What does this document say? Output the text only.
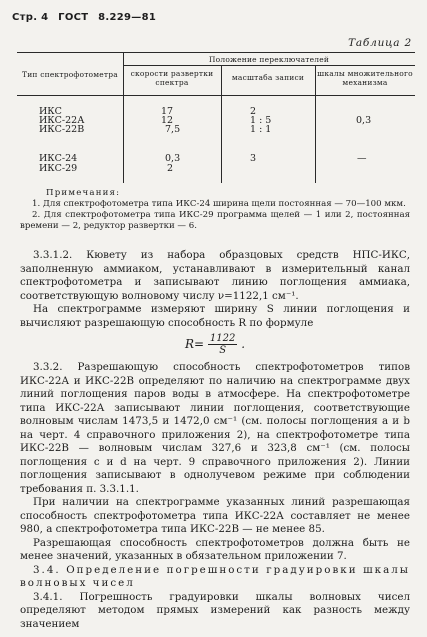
Стр. 4 ГОСТ 8.229—81
Таблица 2
Тип спектрофотометра
Положение переключателей
скорости развертки спектра
масштаба записи	шкалы множительного механизма
ИКС
ИКС-22А
ИКС-22В
17
12
7,5
2
1 : 5
1 : 1
0,3
ИКС-24
ИКС-29
0,3
2
3	—
Примечания:

1. Для спектрофотометра типа ИКС-24 ширина щели постоянная — 70—100 мкм.

2. Для спектрофотометра типа ИКС-29 программа щелей — 1 или 2, постоянная времени — 2, редуктор развертки — 6.

3.3.1.2. Кювету из набора образцовых средств НПС-ИКС, заполненную аммиаком, устанавливают в измерительный канал спектрофотометра и записывают линию поглощения аммиака, соответствующую волновому числу ν=1122,1 см⁻¹.

На спектрограмме измеряют ширину S линии поглощения и вычисляют разрешающую способность R по формуле

$R= \frac{1122}{S}$ .

3.3.2. Разрешающую способность спектрофотометров типов ИКС-22А и ИКС-22В определяют по наличию на спектрограмме двух линий поглощения паров воды в атмосфере. На спектрофотометре типа ИКС-22А записывают линии поглощения, соответствующие волновым числам 1473,5 и 1472,0 см⁻¹ (см. полосы поглощения a и b на черт. 4 справочного приложения 2), на спектрофотометре типа ИКС-22В — волновым числам 327,6 и 323,8 см⁻¹ (см. полосы поглощения c и d на черт. 9 справочного приложения 2). Линии поглощения записывают в однолучевом режиме при соблюдении требования п. 3.3.1.1.

При наличии на спектрограмме указанных линий разрешающая способность спектрофотометра типа ИКС-22А составляет не менее 980, а спектрофотометра типа ИКС-22В — не менее 85.

Разрешающая способность спектрофотометров должна быть не менее значений, указанных в обязательном приложении 7.

3.4. Определение погрешности градуировки шкалы волновых чисел

3.4.1. Погрешность градуировки шкалы волновых чисел определяют методом прямых измерений как разность между значением
